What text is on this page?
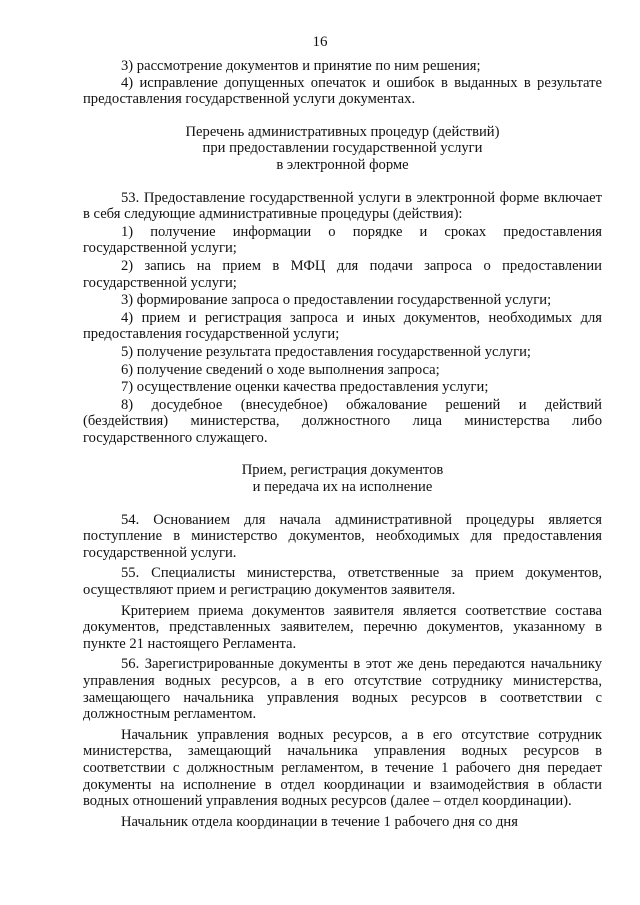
16

3) рассмотрение документов и принятие по ним решения;

4) исправление допущенных опечаток и ошибок в выданных в результате предоставления государственной услуги документах.

Перечень административных процедур (действий)
при предоставлении государственной услуги
в электронной форме

53. Предоставление государственной услуги в электронной форме включает в себя следующие административные процедуры (действия):

1) получение информации о порядке и сроках предоставления государственной услуги;

2) запись на прием в МФЦ для подачи запроса о предоставлении государственной услуги;

3) формирование запроса о предоставлении государственной услуги;

4) прием и регистрация запроса и иных документов, необходимых для предоставления государственной услуги;

5) получение результата предоставления государственной услуги;

6) получение сведений о ходе выполнения запроса;

7) осуществление оценки качества предоставления услуги;

8) досудебное (внесудебное) обжалование решений и действий (бездействия) министерства, должностного лица министерства либо государственного служащего.

Прием, регистрация документов
и передача их на исполнение

54. Основанием для начала административной процедуры является поступление в министерство документов, необходимых для предоставления государственной услуги.

55. Специалисты министерства, ответственные за прием документов, осуществляют прием и регистрацию документов заявителя.

Критерием приема документов заявителя является соответствие состава документов, представленных заявителем, перечню документов, указанному в пункте 21 настоящего Регламента.

56. Зарегистрированные документы в этот же день передаются начальнику управления водных ресурсов, а в его отсутствие сотруднику министерства, замещающего начальника управления водных ресурсов в соответствии с должностным регламентом.

Начальник управления водных ресурсов, а в его отсутствие сотрудник министерства, замещающий начальника управления водных ресурсов в соответствии с должностным регламентом, в течение 1 рабочего дня передает документы на исполнение в отдел координации и взаимодействия в области водных отношений управления водных ресурсов (далее – отдел координации).

Начальник отдела координации в течение 1 рабочего дня со дня
